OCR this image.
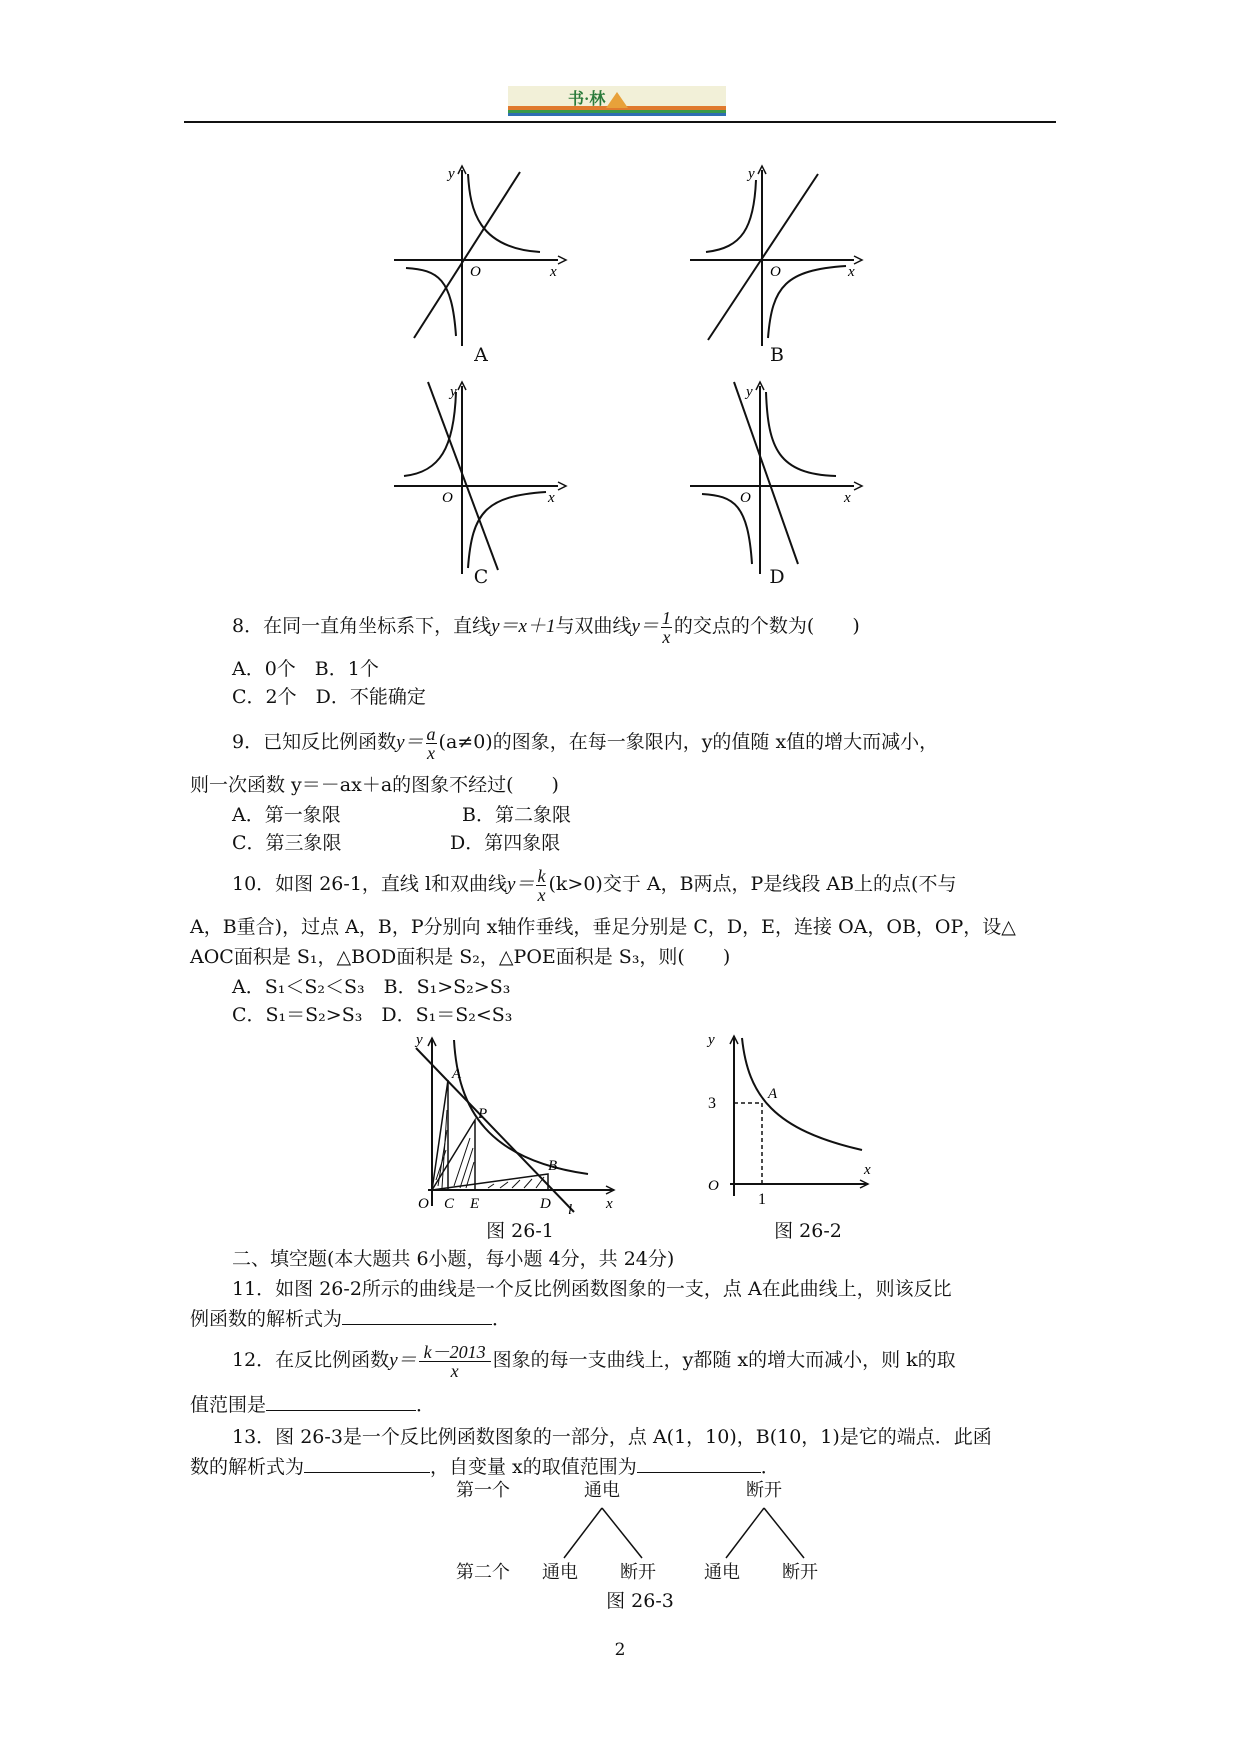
书·林
y
O	x
A
y
O	x
B
y
O	x
C
y
O	x
D
8．在同一直角坐标系下，直线y＝x＋1与双曲线$y= \frac{1}{x}$ 的交点的个数为(　　)
A．0个　B．1个
C．2个　D．不能确定
9．已知反比例函数$y= \frac{a}{x} (a\ne 0)$的图象，在每一象限内，y的值随 x值的增大而减小，
则一次函数 y＝－ax＋a的图象不经过(　　)
A．第一象限	B．第二象限
C．第三象限	D．第四象限
10．如图 26-1，直线 l和双曲线$y= \frac{k}{x} (k>0)$交于 A，B两点，P是线段 AB上的点(不与
A，B重合)，过点 A，B，P分别向 x轴作垂线，垂足分别是 C，D，E，连接 OA，OB，OP，设△
AOC面积是 S₁，△BOD面积是 S₂，△POE面积是 S₃，则(　　)
A．S₁＜S₂＜S₃　B．S₁>S₂>S₃
C．S₁＝S₂>S₃　D．S₁＝S₂<S₃
y
O C E	D	x
A
P
B
l
图 26-1
y
3
A
O
1
x
图 26-2
二、填空题(本大题共 6小题，每小题 4分，共 24分)
11．如图 26-2所示的曲线是一个反比例函数图象的一支，点 A在此曲线上，则该反比
例函数的解析式为	．
12．在反比例函数$y= \frac{k-2013}{x}$ 图象的每一支曲线上，y都随 x的增大而减小，则 k的取
值范围是	．
13．图 26-3是一个反比例函数图象的一部分，点 A(1，10)，B(10，1)是它的端点．此函
数的解析式为	，自变量 x的取值范围为	．
第一个	通电	断开
第二个 通电 断开	通电 断开
图 26-3
2
